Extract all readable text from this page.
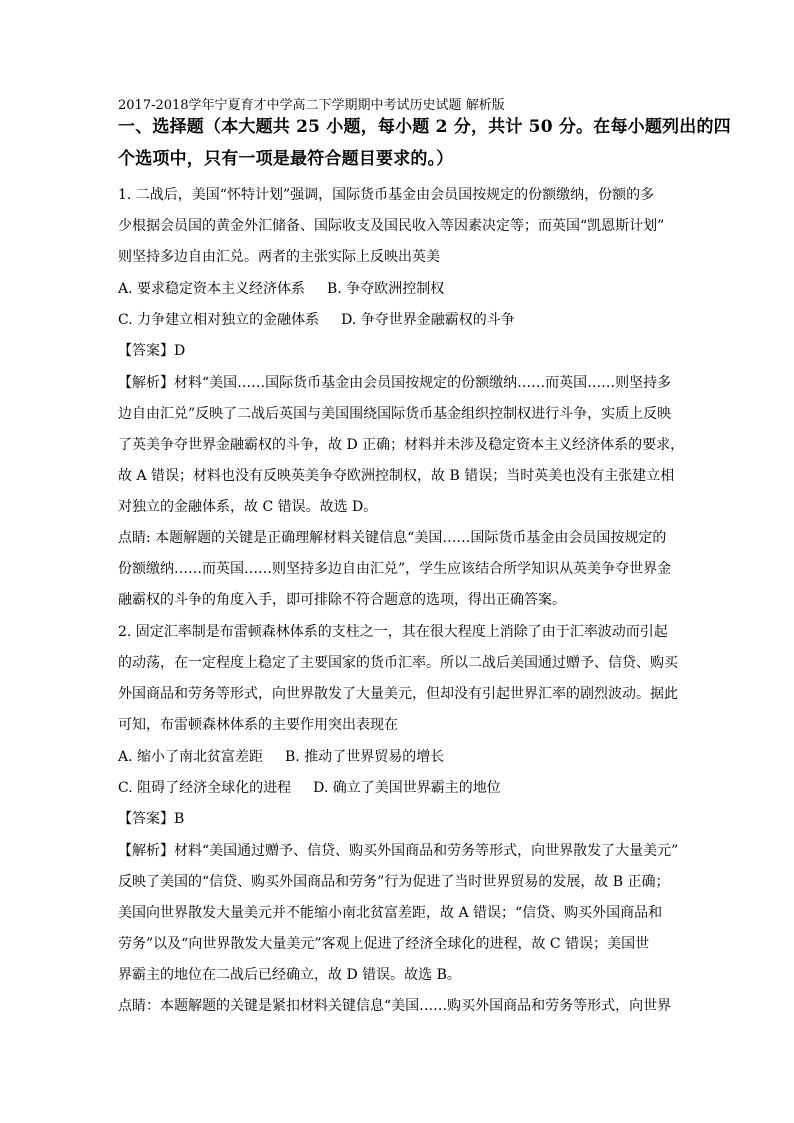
2017-2018学年宁夏育才中学高二下学期期中考试历史试题 解析版
一、选择题（本大题共 25 小题，每小题 2 分，共计 50 分。在每小题列出的四
个选项中，只有一项是最符合题目要求的。）
1. 二战后，美国“怀特计划”强调，国际货币基金由会员国按规定的份额缴纳，份额的多
少根据会员国的黄金外汇储备、国际收支及国民收入等因素决定等；而英国“凯恩斯计划”
则坚持多边自由汇兑。两者的主张实际上反映出英美
A. 要求稳定资本主义经济体系 B. 争夺欧洲控制权
C. 力争建立相对独立的金融体系 D. 争夺世界金融霸权的斗争
【答案】D
【解析】材料“美国……国际货币基金由会员国按规定的份额缴纳……而英国……则坚持多
边自由汇兑”反映了二战后英国与美国围绕国际货币基金组织控制权进行斗争，实质上反映
了英美争夺世界金融霸权的斗争，故 D 正确；材料并未涉及稳定资本主义经济体系的要求，
故 A 错误；材料也没有反映英美争夺欧洲控制权，故 B 错误；当时英美也没有主张建立相
对独立的金融体系，故 C 错误。故选 D。
点睛: 本题解题的关键是正确理解材料关键信息“美国……国际货币基金由会员国按规定的
份额缴纳……而英国……则坚持多边自由汇兑”，学生应该结合所学知识从英美争夺世界金
融霸权的斗争的角度入手，即可排除不符合题意的选项，得出正确答案。
2. 固定汇率制是布雷顿森林体系的支柱之一，其在很大程度上消除了由于汇率波动而引起
的动荡，在一定程度上稳定了主要国家的货币汇率。所以二战后美国通过赠予、信贷、购买
外国商品和劳务等形式，向世界散发了大量美元，但却没有引起世界汇率的剧烈波动。据此
可知，布雷顿森林体系的主要作用突出表现在
A. 缩小了南北贫富差距 B. 推动了世界贸易的增长
C. 阻碍了经济全球化的进程 D. 确立了美国世界霸主的地位
【答案】B
【解析】材料“美国通过赠予、信贷、购买外国商品和劳务等形式，向世界散发了大量美元”
反映了美国的“信贷、购买外国商品和劳务”行为促进了当时世界贸易的发展，故 B 正确；
美国向世界散发大量美元并不能缩小南北贫富差距，故 A 错误；“信贷、购买外国商品和
劳务”以及“向世界散发大量美元”客观上促进了经济全球化的进程，故 C 错误；美国世
界霸主的地位在二战后已经确立，故 D 错误。故选 B。
点睛：本题解题的关键是紧扣材料关键信息“美国……购买外国商品和劳务等形式，向世界
